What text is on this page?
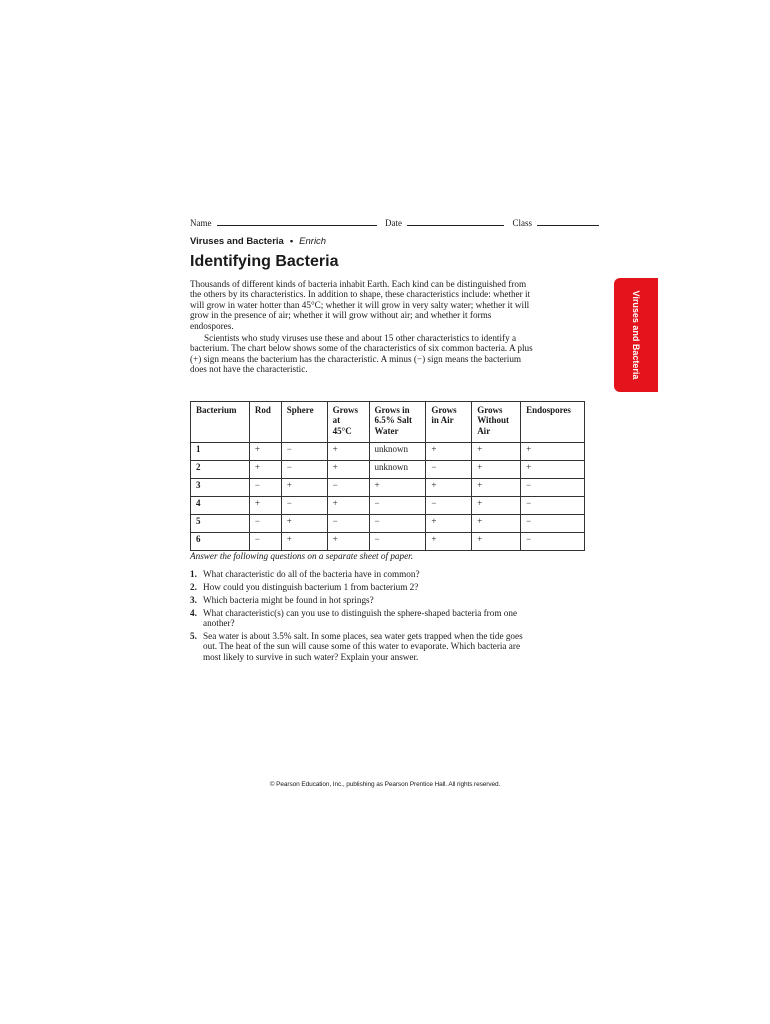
Name	Date	Class
Viruses and Bacteria • Enrich
Identifying Bacteria

Thousands of different kinds of bacteria inhabit Earth. Each kind can be distinguished from the others by its characteristics. In addition to shape, these characteristics include: whether it will grow in water hotter than 45°C; whether it will grow in very salty water; whether it will grow in the presence of air; whether it will grow without air; and whether it forms endospores.

Scientists who study viruses use these and about 15 other characteristics to identify a bacterium. The chart below shows some of the characteristics of six common bacteria. A plus (+) sign means the bacterium has the characteristic. A minus (−) sign means the bacterium does not have the characteristic.	Viruses and Bacteria
Bacterium	Rod	Sphere	Grows
at
45°C	Grows in
6.5% Salt
Water	Grows
in Air	Grows
Without
Air	Endospores
1	+	−	+	unknown	+	+	+
2	+	−	+	unknown	−	+	+
3	−	+	−	+	+	+	−
4	+	−	+	−	−	+	−
5	−	+	−	−	+	+	−
6	−	+	+	−	+	+	−
Answer the following questions on a separate sheet of paper.
1. What characteristic do all of the bacteria have in common?
2. How could you distinguish bacterium 1 from bacterium 2?
3. Which bacteria might be found in hot springs?
4. What characteristic(s) can you use to distinguish the sphere-shaped bacteria from one another?
5. Sea water is about 3.5% salt. In some places, sea water gets trapped when the tide goes out. The heat of the sun will cause some of this water to evaporate. Which bacteria are most likely to survive in such water? Explain your answer.
© Pearson Education, Inc., publishing as Pearson Prentice Hall. All rights reserved.
